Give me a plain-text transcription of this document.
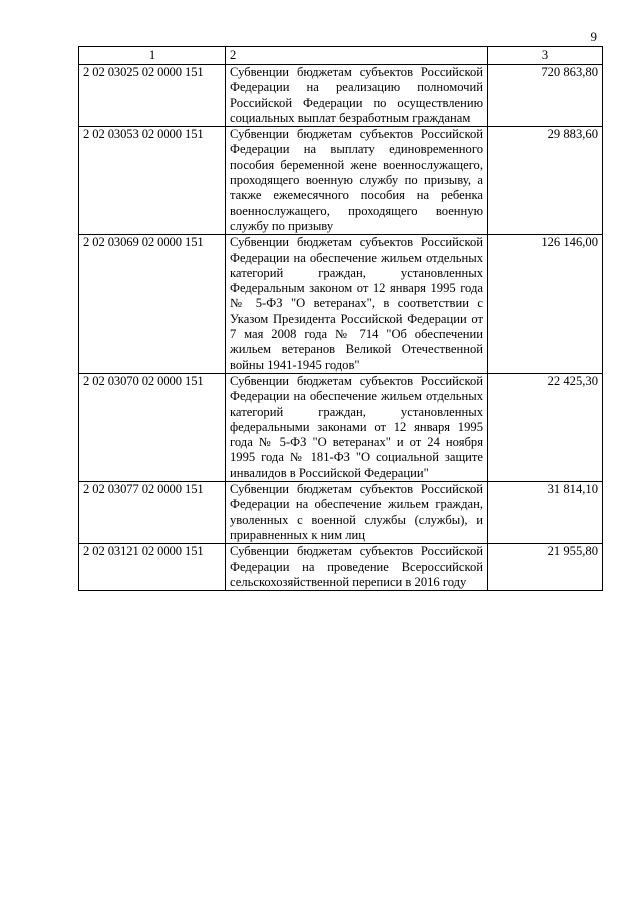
9
1	2	3
2 02 03025 02 0000 151	Субвенции бюджетам субъектов Российской Федерации на реализацию полномочий Российской Федерации по осуществлению социальных выплат безработным гражданам	720 863,80
2 02 03053 02 0000 151	Субвенции бюджетам субъектов Российской Федерации на выплату единовременного пособия беременной жене военнослужащего, проходящего военную службу по призыву, а также ежемесячного пособия на ребенка военнослужащего, проходящего военную службу по призыву	29 883,60
2 02 03069 02 0000 151	Субвенции бюджетам субъектов Российской Федерации на обеспечение жильем отдельных категорий граждан, установленных Федеральным законом от 12 января 1995 года № 5-ФЗ "О ветеранах", в соответствии с Указом Президента Российской Федерации от 7 мая 2008 года № 714 "Об обеспечении жильем ветеранов Великой Отечественной войны 1941-1945 годов"	126 146,00
2 02 03070 02 0000 151	Субвенции бюджетам субъектов Российской Федерации на обеспечение жильем отдельных категорий граждан, установленных федеральными законами от 12 января 1995 года № 5-ФЗ "О ветеранах" и от 24 ноября 1995 года № 181-ФЗ "О социальной защите инвалидов в Российской Федерации"	22 425,30
2 02 03077 02 0000 151	Субвенции бюджетам субъектов Российской Федерации на обеспечение жильем граждан, уволенных с военной службы (службы), и приравненных к ним лиц	31 814,10
2 02 03121 02 0000 151	Субвенции бюджетам субъектов Российской Федерации на проведение Всероссийской сельскохозяйственной переписи в 2016 году	21 955,80
